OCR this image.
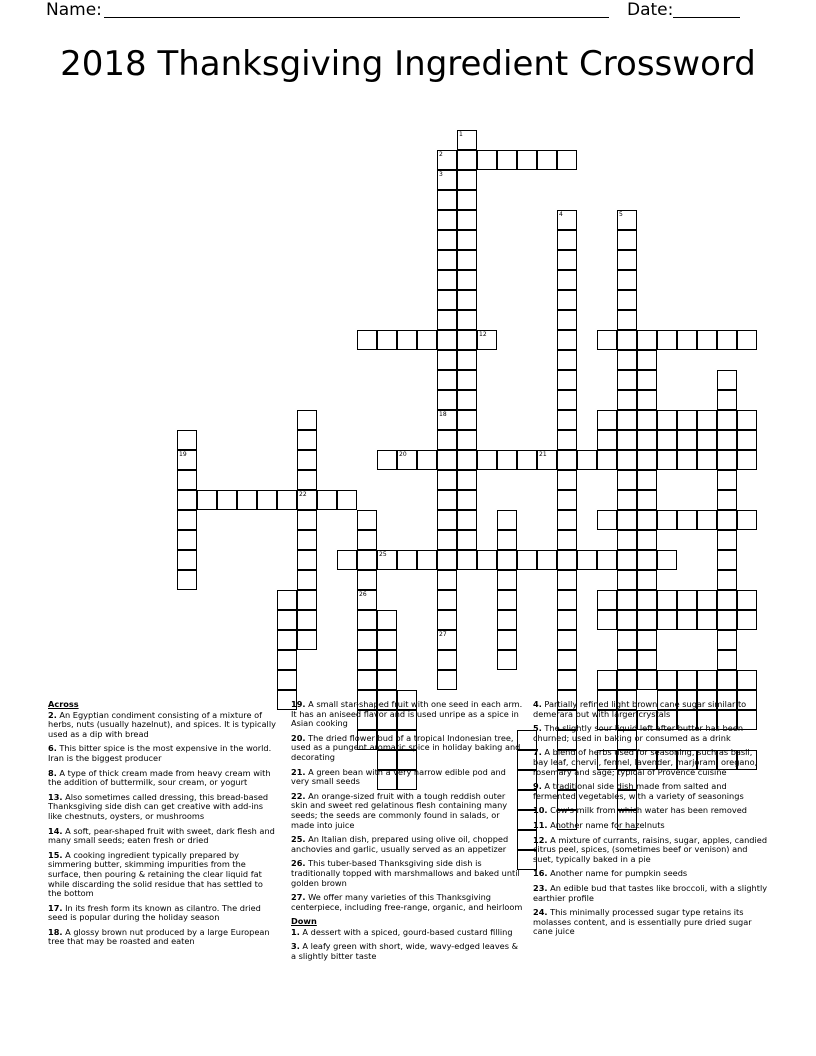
Name:	Date:
2018 Thanksgiving Ingredient Crossword
1
2
3
18
27
4	5
12
22
19	20	21
25
26
Across
2. An Egyptian condiment consisting of a mixture of herbs, nuts (usually hazelnut), and spices. It is typically used as a dip with bread
6. This bitter spice is the most expensive in the world. Iran is the biggest producer
8. A type of thick cream made from heavy cream with the addition of buttermilk, sour cream, or yogurt
13. Also sometimes called dressing, this bread-based Thanksgiving side dish can get creative with add-ins like chestnuts, oysters, or mushrooms
14. A soft, pear-shaped fruit with sweet, dark flesh and many small seeds; eaten fresh or dried
15. A cooking ingredient typically prepared by simmering butter, skimming impurities from the surface, then pouring & retaining the clear liquid fat while discarding the solid residue that has settled to the bottom
17. In its fresh form its known as cilantro. The dried seed is popular during the holiday season
18. A glossy brown nut produced by a large European tree that may be roasted and eaten
19. A small star-shaped fruit with one seed in each arm. It has an aniseed flavor and is used unripe as a spice in Asian cooking
20. The dried flower bud of a tropical Indonesian tree, used as a pungent aromatic spice in holiday baking and decorating
21. A green bean with a very narrow edible pod and very small seeds
22. An orange-sized fruit with a tough reddish outer skin and sweet red gelatinous flesh containing many seeds; the seeds are commonly found in salads, or made into juice
25. An Italian dish, prepared using olive oil, chopped anchovies and garlic, usually served as an appetizer
26. This tuber-based Thanksgiving side dish is traditionally topped with marshmallows and baked until golden brown
27. We offer many varieties of this Thanksgiving centerpiece, including free-range, organic, and heirloom
Down
1. A dessert with a spiced, gourd-based custard filling
3. A leafy green with short, wide, wavy-edged leaves & a slightly bitter taste
4. Partially refined light brown cane sugar similar to demerara but with larger crystals
5. The slightly sour liquid left after butter has been churned; used in baking or consumed as a drink
7. A blend of herbs used for seasoning, such as basil, bay leaf, chervil, fennel, lavender, marjoram, oregano, rosemary and sage; typical of Provence cuisine
9. A traditional side dish made from salted and fermented vegetables, with a variety of seasonings
10. Cow's milk from which water has been removed
11. Another name for hazelnuts
12. A mixture of currants, raisins, sugar, apples, candied citrus peel, spices, (sometimes beef or venison) and suet, typically baked in a pie
16. Another name for pumpkin seeds
23. An edible bud that tastes like broccoli, with a slightly earthier profile
24. This minimally processed sugar type retains its molasses content, and is essentially pure dried sugar cane juice
